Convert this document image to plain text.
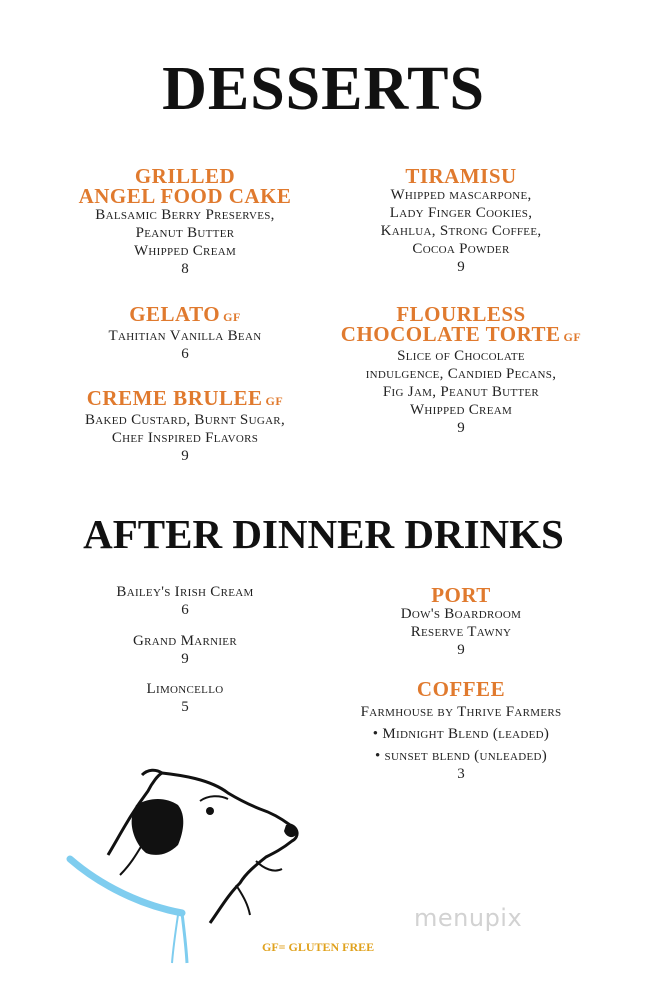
DESSERTS
GRILLED
ANGEL FOOD CAKE
Balsamic Berry Preserves,
Peanut Butter
Whipped Cream
8
GELATO GF
Tahitian Vanilla Bean
6
CREME BRULEE GF
Baked Custard, Burnt Sugar,
Chef Inspired Flavors
9
TIRAMISU
Whipped mascarpone,
Lady Finger Cookies,
Kahlua, Strong Coffee,
Cocoa Powder
9
FLOURLESS
CHOCOLATE TORTE GF
Slice of Chocolate
indulgence, Candied Pecans,
Fig Jam, Peanut Butter
Whipped Cream
9
AFTER DINNER DRINKS
Bailey's Irish Cream
6
Grand Marnier
9
Limoncello
5
PORT
Dow's Boardroom
Reserve Tawny
9
COFFEE
Farmhouse by Thrive Farmers
• Midnight Blend (leaded)
• sunset blend (unleaded)
3
GF= GLUTEN FREE
menupix
